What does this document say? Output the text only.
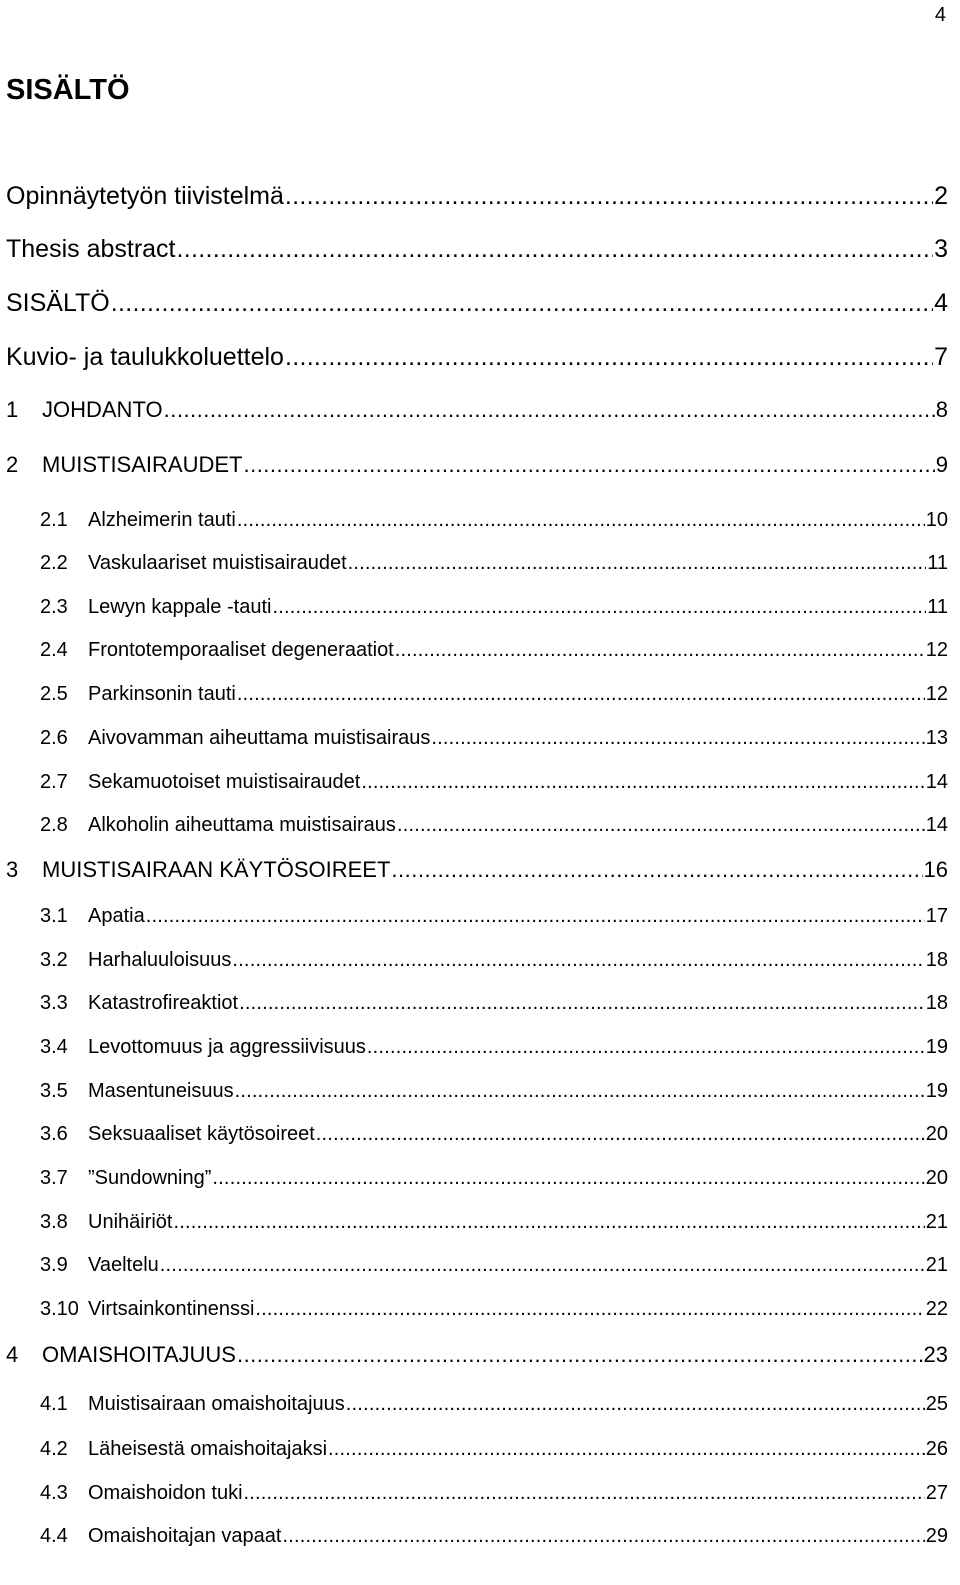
4
SISÄLTÖ
Opinnäytetyön tiivistelmä .....	2
Thesis abstract .....	3
SISÄLTÖ .....	4
Kuvio- ja taulukkoluettelo .....	7
1	JOHDANTO .....	8
2	MUISTISAIRAUDET .....	9
2.1	Alzheimerin tauti .....	10
2.2	Vaskulaariset muistisairaudet .....	11
2.3	Lewyn kappale -tauti .....	11
2.4	Frontotemporaaliset degeneraatiot .....	12
2.5	Parkinsonin tauti .....	12
2.6	Aivovamman aiheuttama muistisairaus .....	13
2.7	Sekamuotoiset muistisairaudet .....	14
2.8	Alkoholin aiheuttama muistisairaus .....	14
3	MUISTISAIRAAN KÄYTÖSOIREET .....	16
3.1	Apatia .....	17
3.2	Harhaluuloisuus .....	18
3.3	Katastrofireaktiot .....	18
3.4	Levottomuus ja aggressiivisuus .....	19
3.5	Masentuneisuus .....	19
3.6	Seksuaaliset käytösoireet .....	20
3.7	”Sundowning” .....	20
3.8	Unihäiriöt .....	21
3.9	Vaeltelu .....	21
3.10 Virtsainkontinenssi .....	22
4	OMAISHOITAJUUS .....	23
4.1	Muistisairaan omaishoitajuus .....	25
4.2	Läheisestä omaishoitajaksi .....	26
4.3	Omaishoidon tuki .....	27
4.4	Omaishoitajan vapaat .....	29
